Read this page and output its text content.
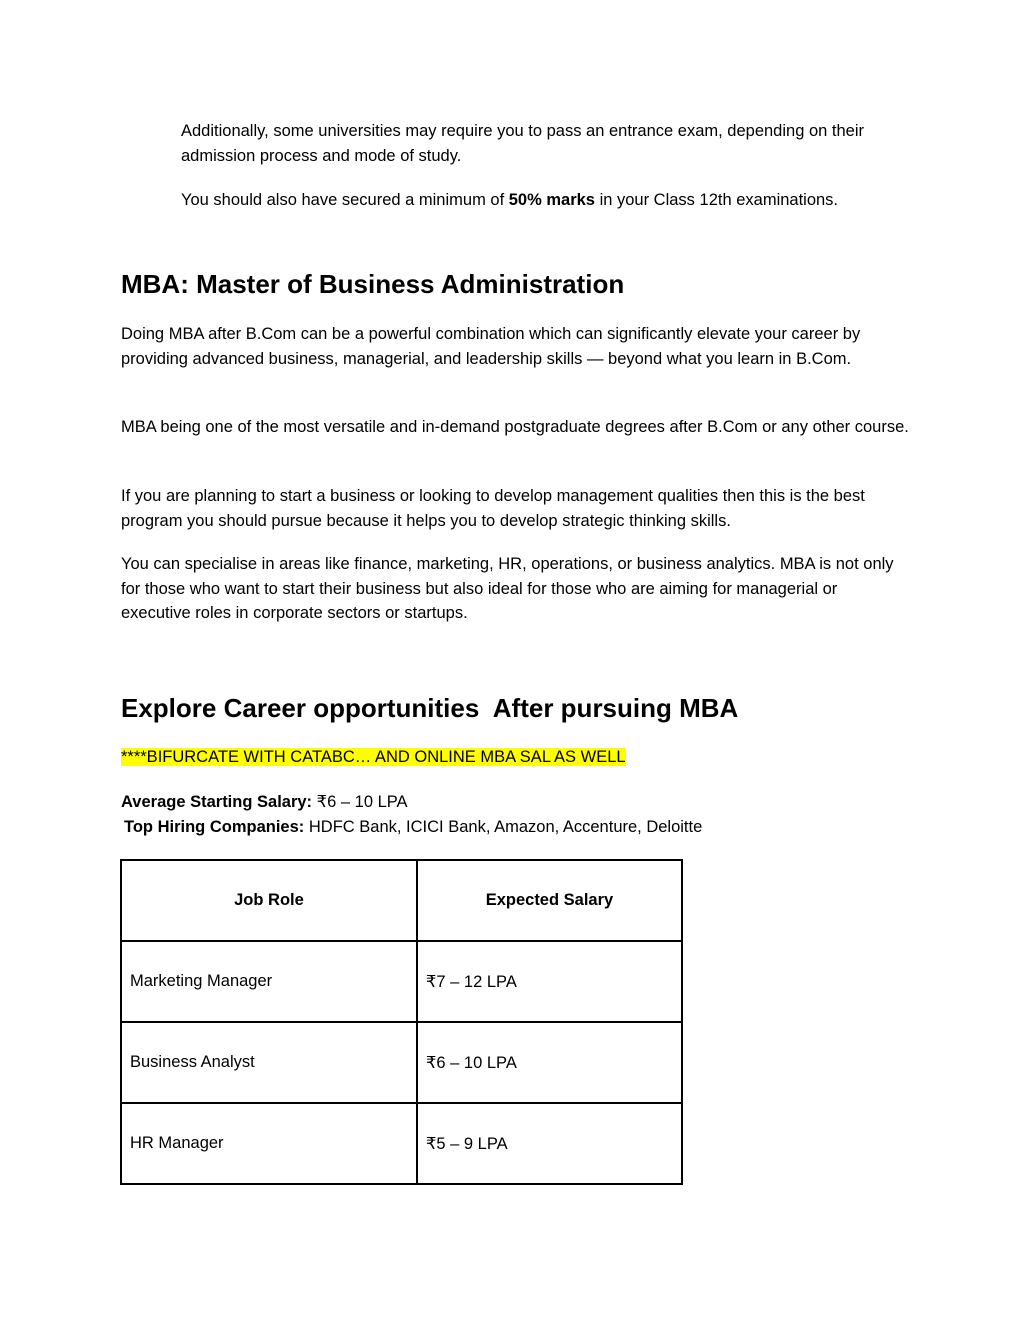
Additionally, some universities may require you to pass an entrance exam, depending on their admission process and mode of study.

You should also have secured a minimum of 50% marks in your Class 12th examinations.

MBA: Master of Business Administration

Doing MBA after B.Com can be a powerful combination which can significantly elevate your career by providing advanced business, managerial, and leadership skills — beyond what you learn in B.Com.

MBA being one of the most versatile and in-demand postgraduate degrees after B.Com or any other course.

If you are planning to start a business or looking to develop management qualities then this is the best program you should pursue because it helps you to develop strategic thinking skills.

You can specialise in areas like finance, marketing, HR, operations, or business analytics. MBA is not only for those who want to start their business but also ideal for those who are aiming for managerial or executive roles in corporate sectors or startups.

Explore Career opportunities  After pursuing MBA

****BIFURCATE WITH CATABC… AND ONLINE MBA SAL AS WELL

Average Starting Salary: ₹6 – 10 LPA

Top Hiring Companies: HDFC Bank, ICICI Bank, Amazon, Accenture, Deloitte

Job Role	Expected Salary
Marketing Manager	₹7 – 12 LPA
Business Analyst	₹6 – 10 LPA
HR Manager	₹5 – 9 LPA
